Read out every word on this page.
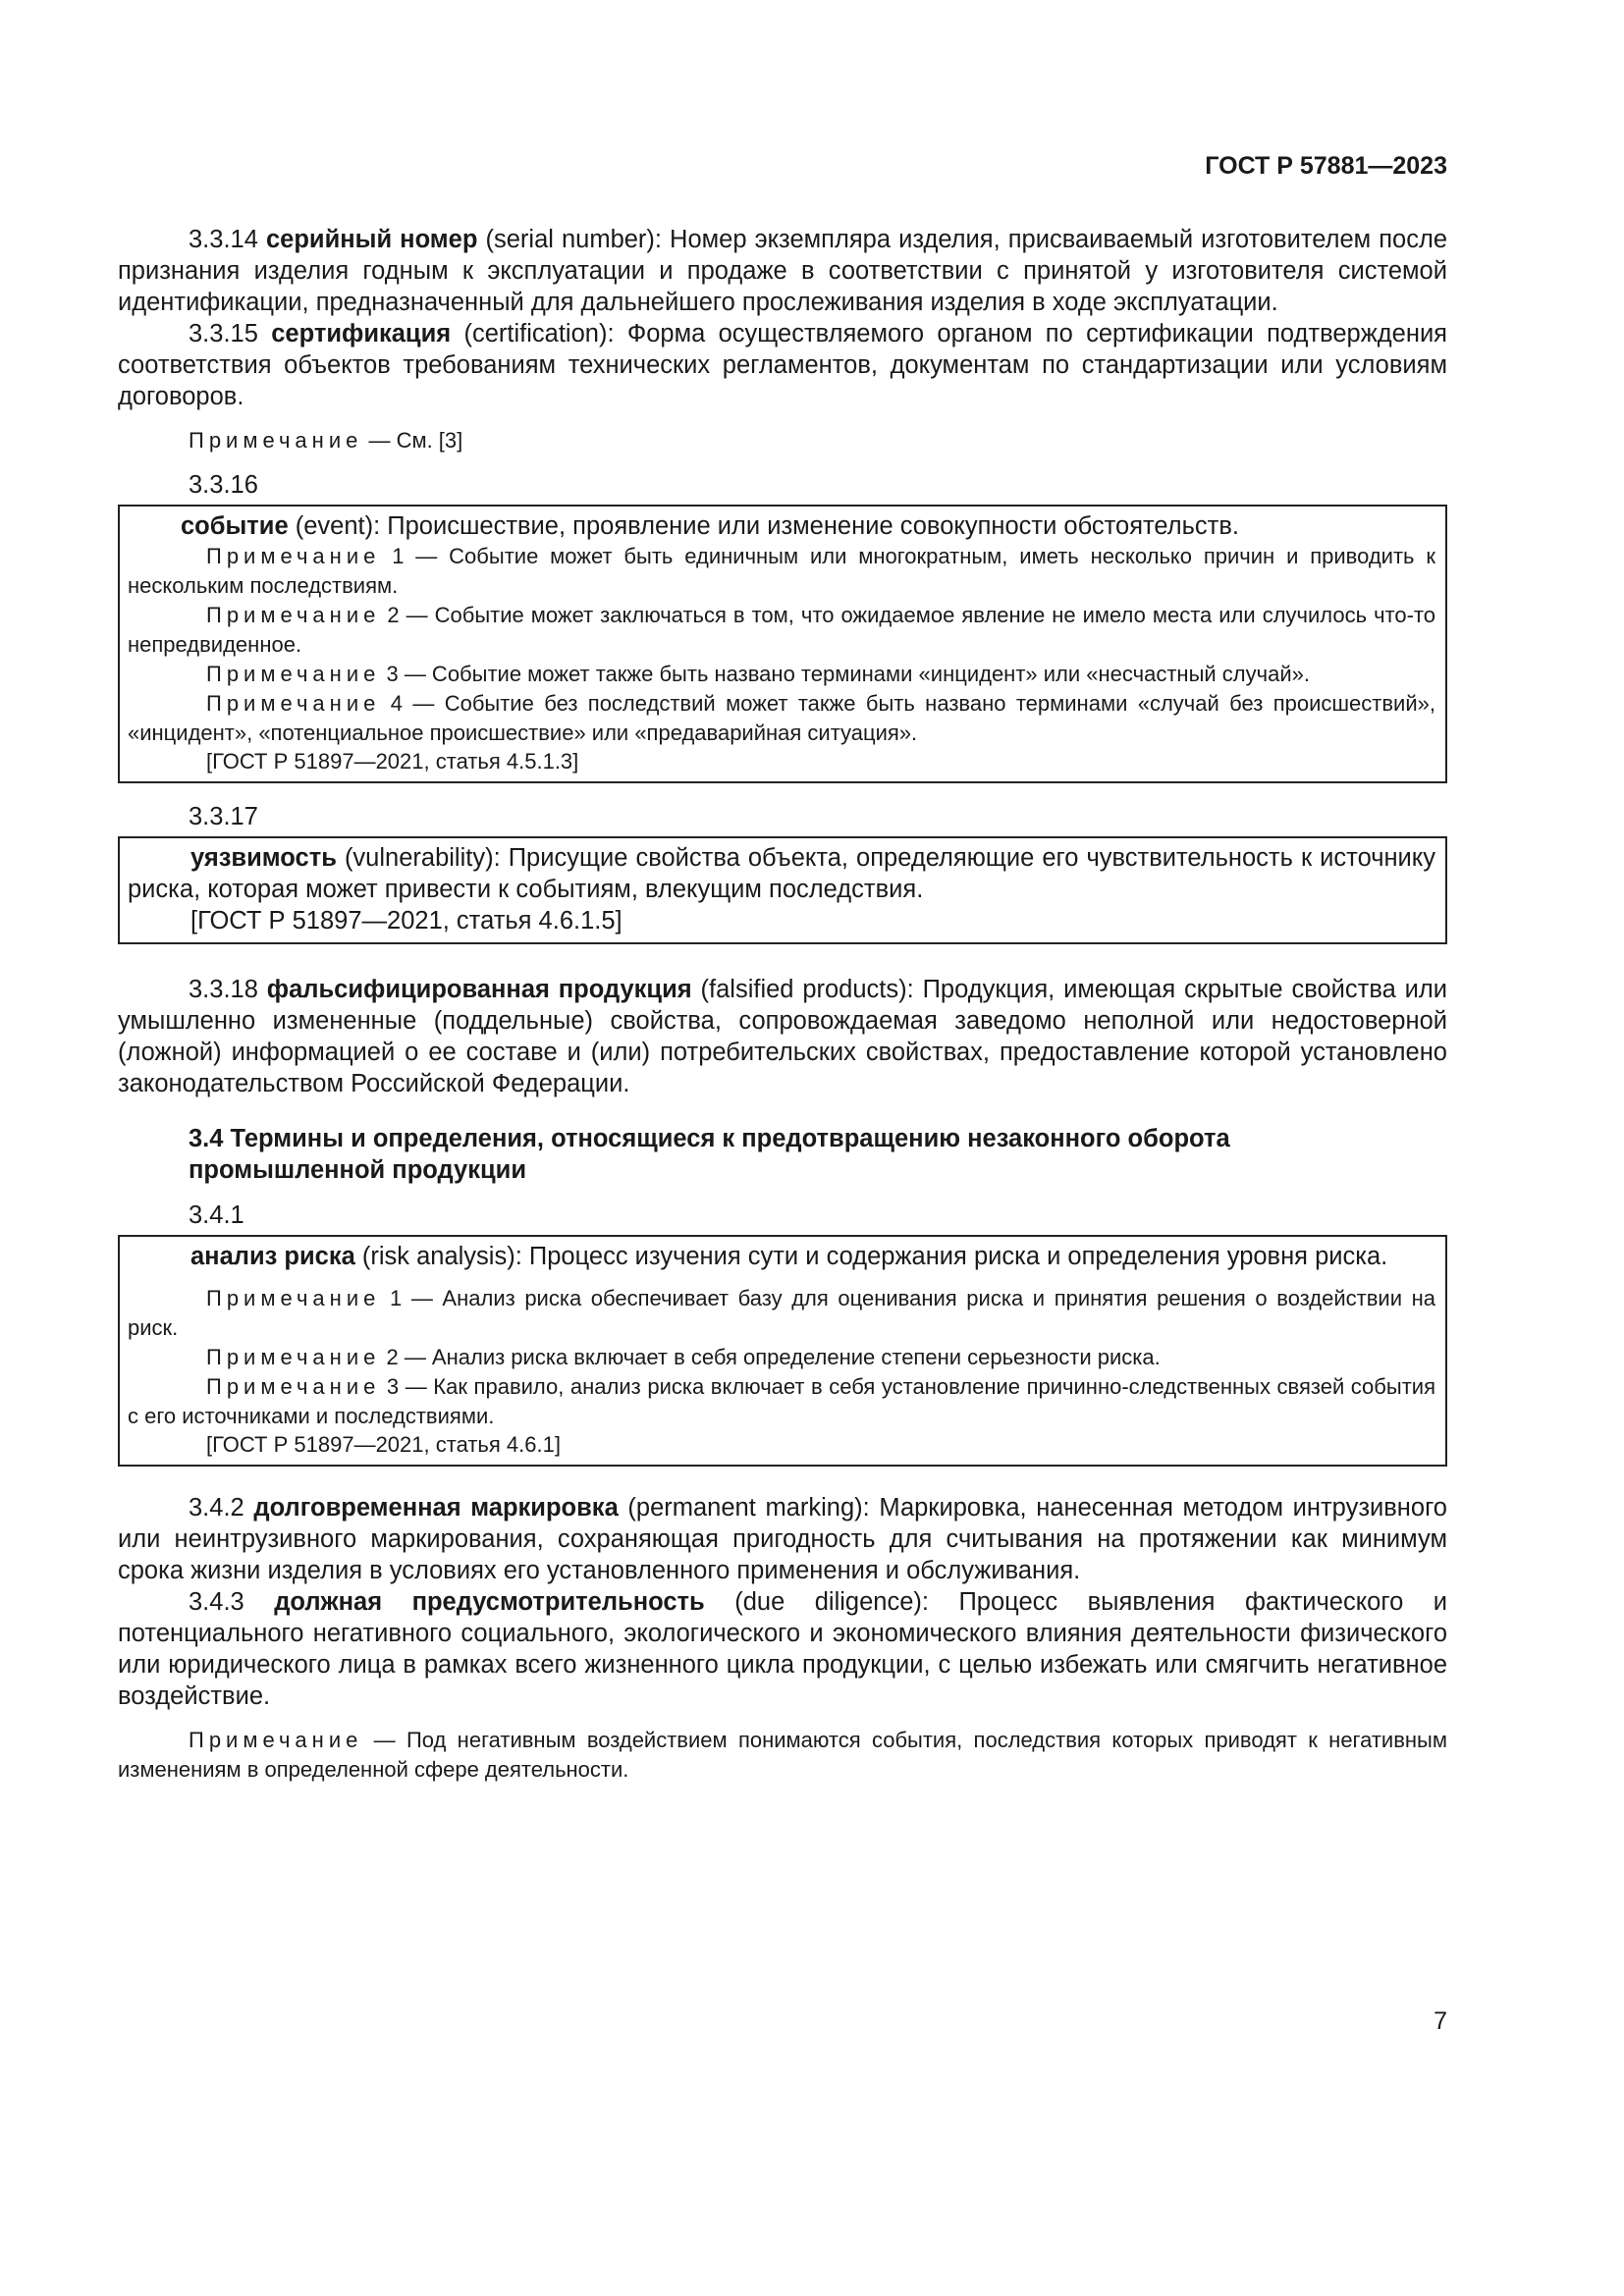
ГОСТ Р 57881—2023

3.3.14 серийный номер (serial number): Номер экземпляра изделия, присваиваемый изготовителем после признания изделия годным к эксплуатации и продаже в соответствии с принятой у изготовителя системой идентификации, предназначенный для дальнейшего прослеживания изделия в ходе эксплуатации.

3.3.15 сертификация (certification): Форма осуществляемого органом по сертификации подтверждения соответствия объектов требованиям технических регламентов, документам по стандартизации или условиям договоров.

Примечание — См. [3]

3.3.16

событие (event): Происшествие, проявление или изменение совокупности обстоятельств.

Примечание 1 — Событие может быть единичным или многократным, иметь несколько причин и приводить к нескольким последствиям.

Примечание 2 — Событие может заключаться в том, что ожидаемое явление не имело места или случилось что-то непредвиденное.

Примечание 3 — Событие может также быть названо терминами «инцидент» или «несчастный случай».

Примечание 4 — Событие без последствий может также быть названо терминами «случай без происшествий», «инцидент», «потенциальное происшествие» или «предаварийная ситуация».

[ГОСТ Р 51897—2021, статья 4.5.1.3]

3.3.17

уязвимость (vulnerability): Присущие свойства объекта, определяющие его чувствительность к источнику риска, которая может привести к событиям, влекущим последствия.

[ГОСТ Р 51897—2021, статья 4.6.1.5]

3.3.18 фальсифицированная продукция (falsified products): Продукция, имеющая скрытые свойства или умышленно измененные (поддельные) свойства, сопровождаемая заведомо неполной или недостоверной (ложной) информацией о ее составе и (или) потребительских свойствах, предоставление которой установлено законодательством Российской Федерации.

3.4 Термины и определения, относящиеся к предотвращению незаконного оборота

промышленной продукции

3.4.1

анализ риска (risk analysis): Процесс изучения сути и содержания риска и определения уровня риска.

Примечание 1 — Анализ риска обеспечивает базу для оценивания риска и принятия решения о воздействии на риск.

Примечание 2 — Анализ риска включает в себя определение степени серьезности риска.

Примечание 3 — Как правило, анализ риска включает в себя установление причинно-следственных связей события с его источниками и последствиями.

[ГОСТ Р 51897—2021, статья 4.6.1]

3.4.2 долговременная маркировка (permanent marking): Маркировка, нанесенная методом интрузивного или неинтрузивного маркирования, сохраняющая пригодность для считывания на протяжении как минимум срока жизни изделия в условиях его установленного применения и обслуживания.

3.4.3 должная предусмотрительность (due diligence): Процесс выявления фактического и потенциального негативного социального, экологического и экономического влияния деятельности физического или юридического лица в рамках всего жизненного цикла продукции, с целью избежать или смягчить негативное воздействие.

Примечание — Под негативным воздействием понимаются события, последствия которых приводят к негативным изменениям в определенной сфере деятельности.

7
